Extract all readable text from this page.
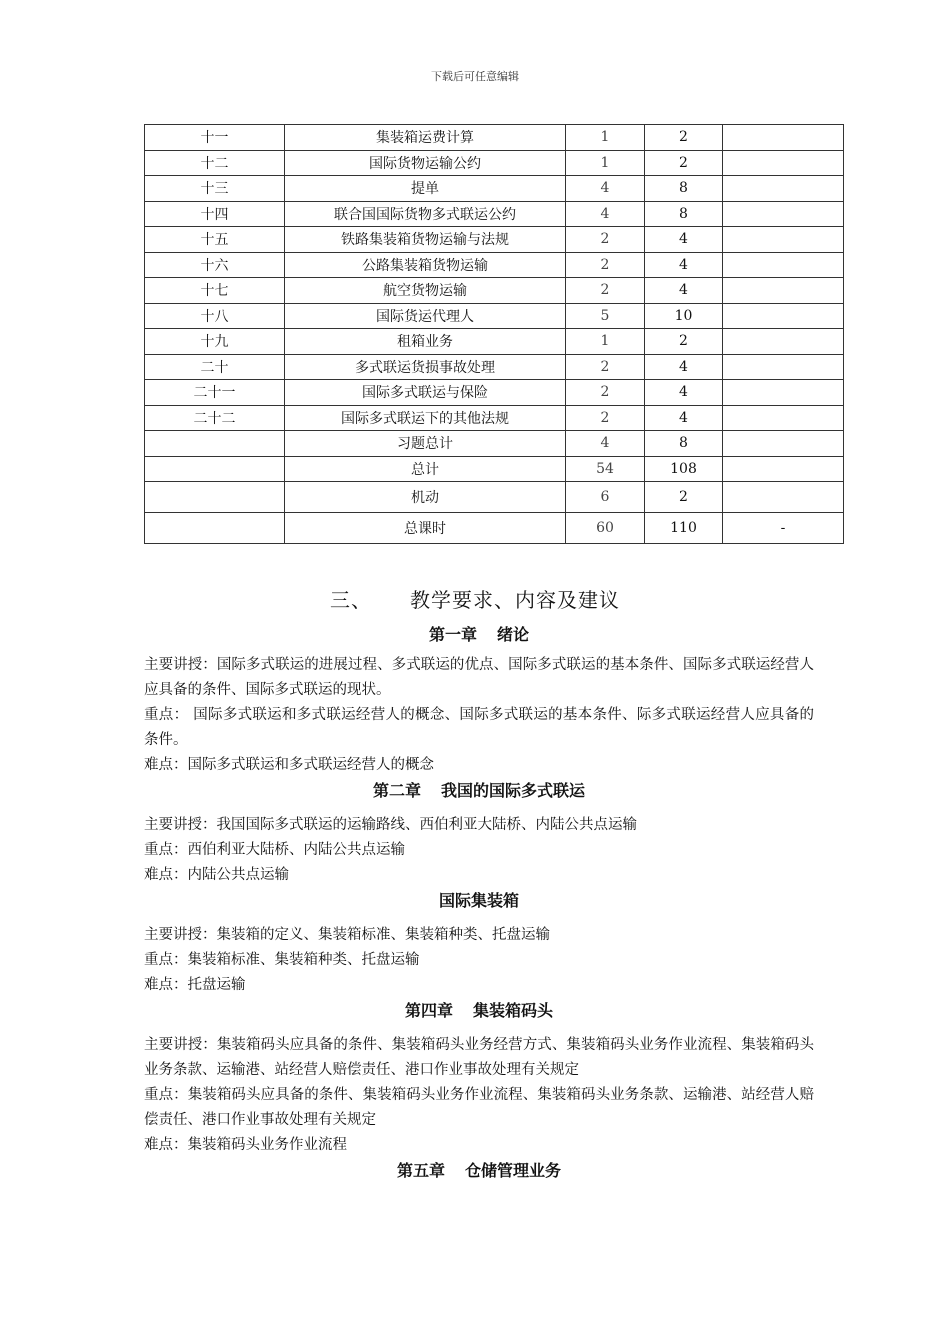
下载后可任意编辑
十一	集装箱运费计算	1	2	
十二	国际货物运输公约	1	2	
十三	提单	4	8	
十四	联合国国际货物多式联运公约	4	8	
十五	铁路集装箱货物运输与法规	2	4	
十六	公路集装箱货物运输	2	4	
十七	航空货物运输	2	4	
十八	国际货运代理人	5	10	
十九	租箱业务	1	2	
二十	多式联运货损事故处理	2	4	
二十一	国际多式联运与保险	2	4	
二十二	国际多式联运下的其他法规	2	4	
	习题总计	4	8	
	总计	54	108	
	机动	6	2	
	总课时	60	110	-
三、 教学要求、内容及建议

第一章 绪论

主要讲授：国际多式联运的进展过程、多式联运的优点、国际多式联运的基本条件、国际多式联运经营人应具备的条件、国际多式联运的现状。

重点： 国际多式联运和多式联运经营人的概念、国际多式联运的基本条件、际多式联运经营人应具备的条件。

难点：国际多式联运和多式联运经营人的概念

第二章 我国的国际多式联运

主要讲授：我国国际多式联运的运输路线、西伯利亚大陆桥、内陆公共点运输

重点：西伯利亚大陆桥、内陆公共点运输

难点：内陆公共点运输

国际集装箱

主要讲授：集装箱的定义、集装箱标准、集装箱种类、托盘运输

重点：集装箱标准、集装箱种类、托盘运输

难点：托盘运输

第四章 集装箱码头

主要讲授：集装箱码头应具备的条件、集装箱码头业务经营方式、集装箱码头业务作业流程、集装箱码头业务条款、运输港、站经营人赔偿责任、港口作业事故处理有关规定

重点：集装箱码头应具备的条件、集装箱码头业务作业流程、集装箱码头业务条款、运输港、站经营人赔偿责任、港口作业事故处理有关规定

难点：集装箱码头业务作业流程

第五章 仓储管理业务
